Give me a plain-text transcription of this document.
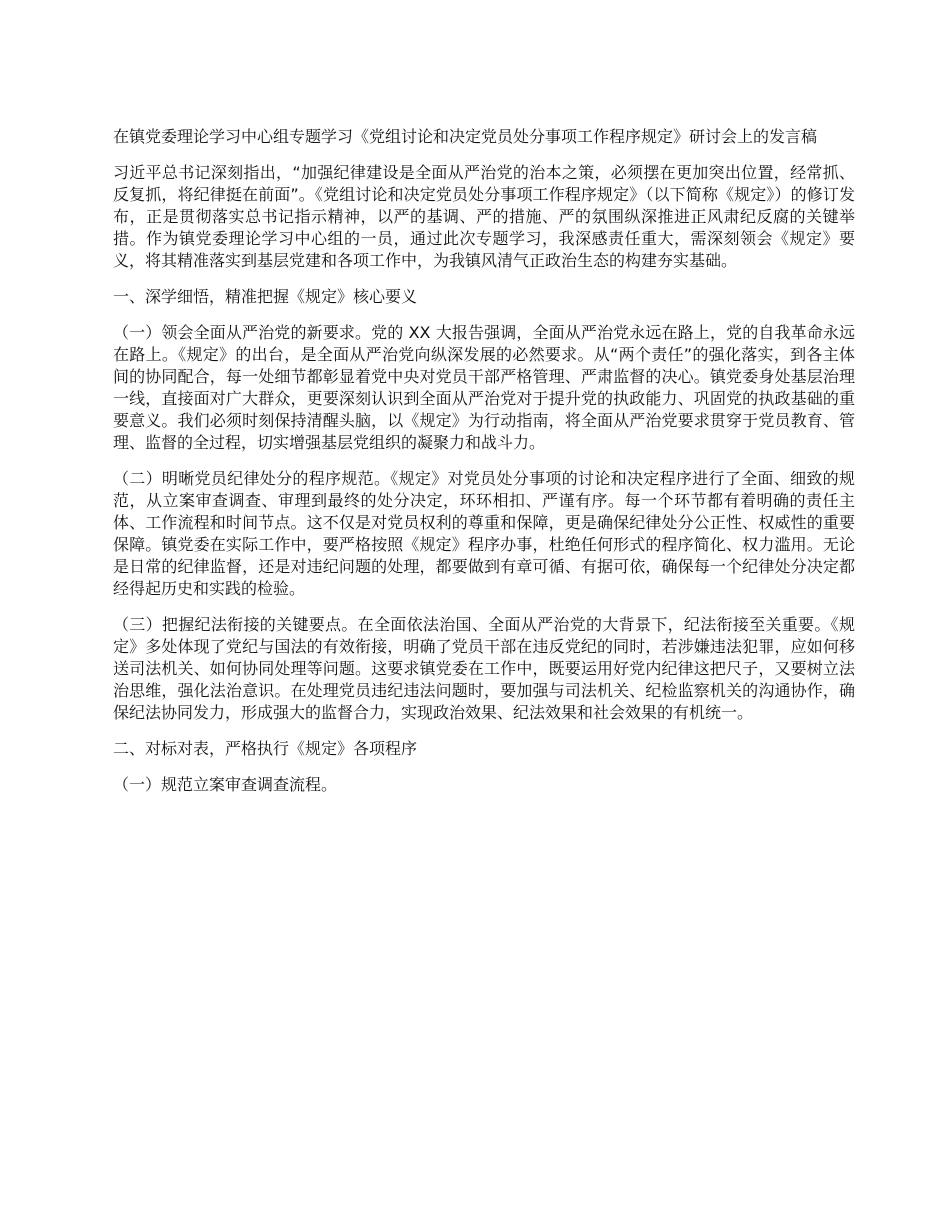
在镇党委理论学习中心组专题学习《党组讨论和决定党员处分事项工作程序规定》研讨会上的发言稿

习近平总书记深刻指出，“加强纪律建设是全面从严治党的治本之策，必须摆在更加突出位置，经常抓、反复抓，将纪律挺在前面”。《党组讨论和决定党员处分事项工作程序规定》（以下简称《规定》）的修订发布，正是贯彻落实总书记指示精神，以严的基调、严的措施、严的氛围纵深推进正风肃纪反腐的关键举措。作为镇党委理论学习中心组的一员，通过此次专题学习，我深感责任重大，需深刻领会《规定》要义，将其精准落实到基层党建和各项工作中，为我镇风清气正政治生态的构建夯实基础。

一、深学细悟，精准把握《规定》核心要义

（一）领会全面从严治党的新要求。党的 XX 大报告强调，全面从严治党永远在路上，党的自我革命永远在路上。《规定》的出台，是全面从严治党向纵深发展的必然要求。从“两个责任”的强化落实，到各主体间的协同配合，每一处细节都彰显着党中央对党员干部严格管理、严肃监督的决心。镇党委身处基层治理一线，直接面对广大群众，更要深刻认识到全面从严治党对于提升党的执政能力、巩固党的执政基础的重要意义。我们必须时刻保持清醒头脑，以《规定》为行动指南，将全面从严治党要求贯穿于党员教育、管理、监督的全过程，切实增强基层党组织的凝聚力和战斗力。

（二）明晰党员纪律处分的程序规范。《规定》对党员处分事项的讨论和决定程序进行了全面、细致的规范，从立案审查调查、审理到最终的处分决定，环环相扣、严谨有序。每一个环节都有着明确的责任主体、工作流程和时间节点。这不仅是对党员权利的尊重和保障，更是确保纪律处分公正性、权威性的重要保障。镇党委在实际工作中，要严格按照《规定》程序办事，杜绝任何形式的程序简化、权力滥用。无论是日常的纪律监督，还是对违纪问题的处理，都要做到有章可循、有据可依，确保每一个纪律处分决定都经得起历史和实践的检验。

（三）把握纪法衔接的关键要点。在全面依法治国、全面从严治党的大背景下，纪法衔接至关重要。《规定》多处体现了党纪与国法的有效衔接，明确了党员干部在违反党纪的同时，若涉嫌违法犯罪，应如何移送司法机关、如何协同处理等问题。这要求镇党委在工作中，既要运用好党内纪律这把尺子，又要树立法治思维，强化法治意识。在处理党员违纪违法问题时，要加强与司法机关、纪检监察机关的沟通协作，确保纪法协同发力，形成强大的监督合力，实现政治效果、纪法效果和社会效果的有机统一。

二、对标对表，严格执行《规定》各项程序

（一）规范立案审查调查流程。
